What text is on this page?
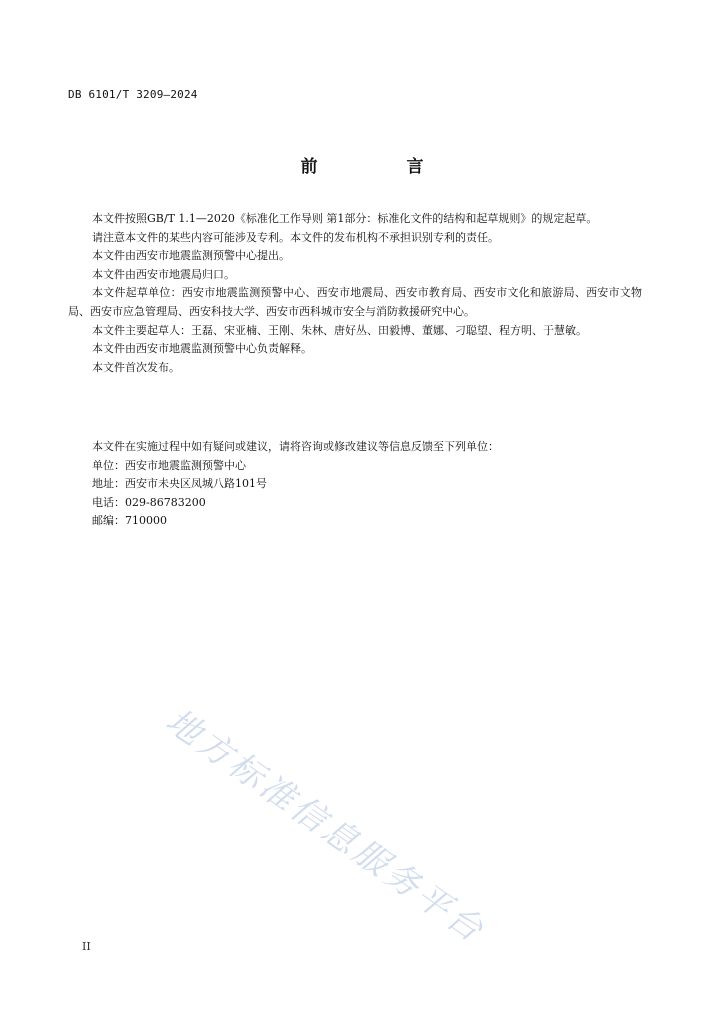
DB 6101/T 3209—2024
前　言

本文件按照GB/T 1.1—2020《标准化工作导则 第1部分：标准化文件的结构和起草规则》的规定起草。

请注意本文件的某些内容可能涉及专利。本文件的发布机构不承担识别专利的责任。

本文件由西安市地震监测预警中心提出。

本文件由西安市地震局归口。

本文件起草单位：西安市地震监测预警中心、西安市地震局、西安市教育局、西安市文化和旅游局、西安市文物局、西安市应急管理局、西安科技大学、西安市西科城市安全与消防救援研究中心。

本文件主要起草人：王磊、宋亚楠、王刚、朱林、唐好丛、田毅博、董娜、刁聪望、程方明、于慧敏。

本文件由西安市地震监测预警中心负责解释。

本文件首次发布。

本文件在实施过程中如有疑问或建议，请将咨询或修改建议等信息反馈至下列单位：
单位：西安市地震监测预警中心
地址：西安市未央区凤城八路101号
电话：029-86783200
邮编：710000
地方标准信息服务平台
II
